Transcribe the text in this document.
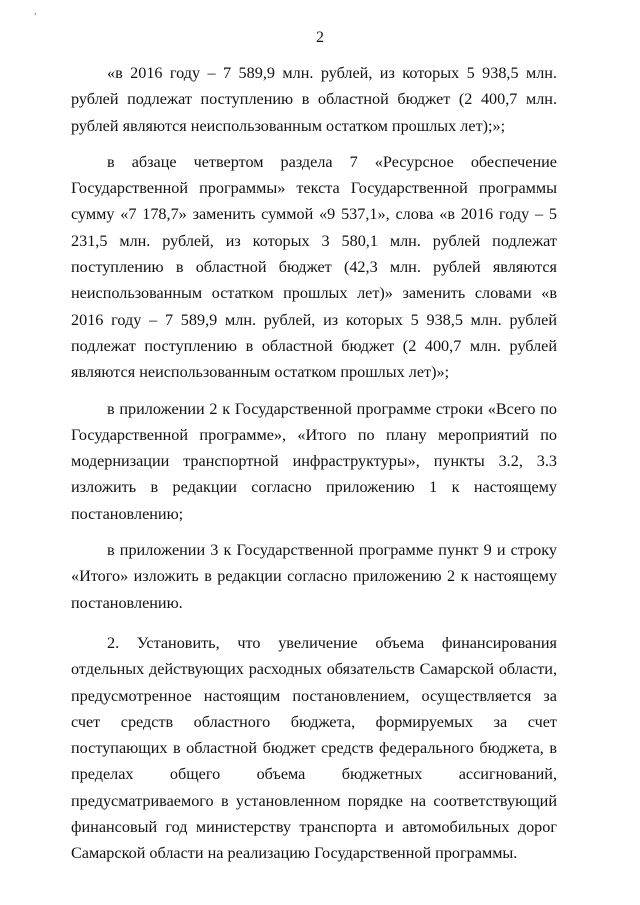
,
2

«в 2016 году – 7 589,9 млн. рублей, из которых 5 938,5 млн. рублей подлежат поступлению в областной бюджет (2 400,7 млн. рублей являются неиспользованным остатком прошлых лет);»;

в абзаце четвертом раздела 7 «Ресурсное обеспечение Государственной программы» текста Государственной программы сумму «7 178,7» заменить суммой «9 537,1», слова «в 2016 году – 5 231,5 млн. рублей, из которых 3 580,1 млн. рублей подлежат поступлению в областной бюджет (42,3 млн. рублей являются неиспользованным остатком прошлых лет)» заменить словами «в 2016 году – 7 589,9 млн. рублей, из которых 5 938,5 млн. рублей подлежат поступлению в областной бюджет (2 400,7 млн. рублей являются неиспользованным остатком прошлых лет)»;

в приложении 2 к Государственной программе строки «Всего по Государственной программе», «Итого по плану мероприятий по модернизации транспортной инфраструктуры», пункты 3.2, 3.3 изложить в редакции согласно приложению 1 к настоящему постановлению;

в приложении 3 к Государственной программе пункт 9 и строку «Итого» изложить в редакции согласно приложению 2 к настоящему постановлению.

2. Установить, что увеличение объема финансирования отдельных действующих расходных обязательств Самарской области, предусмотренное настоящим постановлением, осуществляется за счет средств областного бюджета, формируемых за счет поступающих в областной бюджет средств федерального бюджета, в пределах общего объема бюджетных ассигнований, предусматриваемого в установленном порядке на соответствующий финансовый год министерству транспорта и автомобильных дорог Самарской области на реализацию Государственной программы.
